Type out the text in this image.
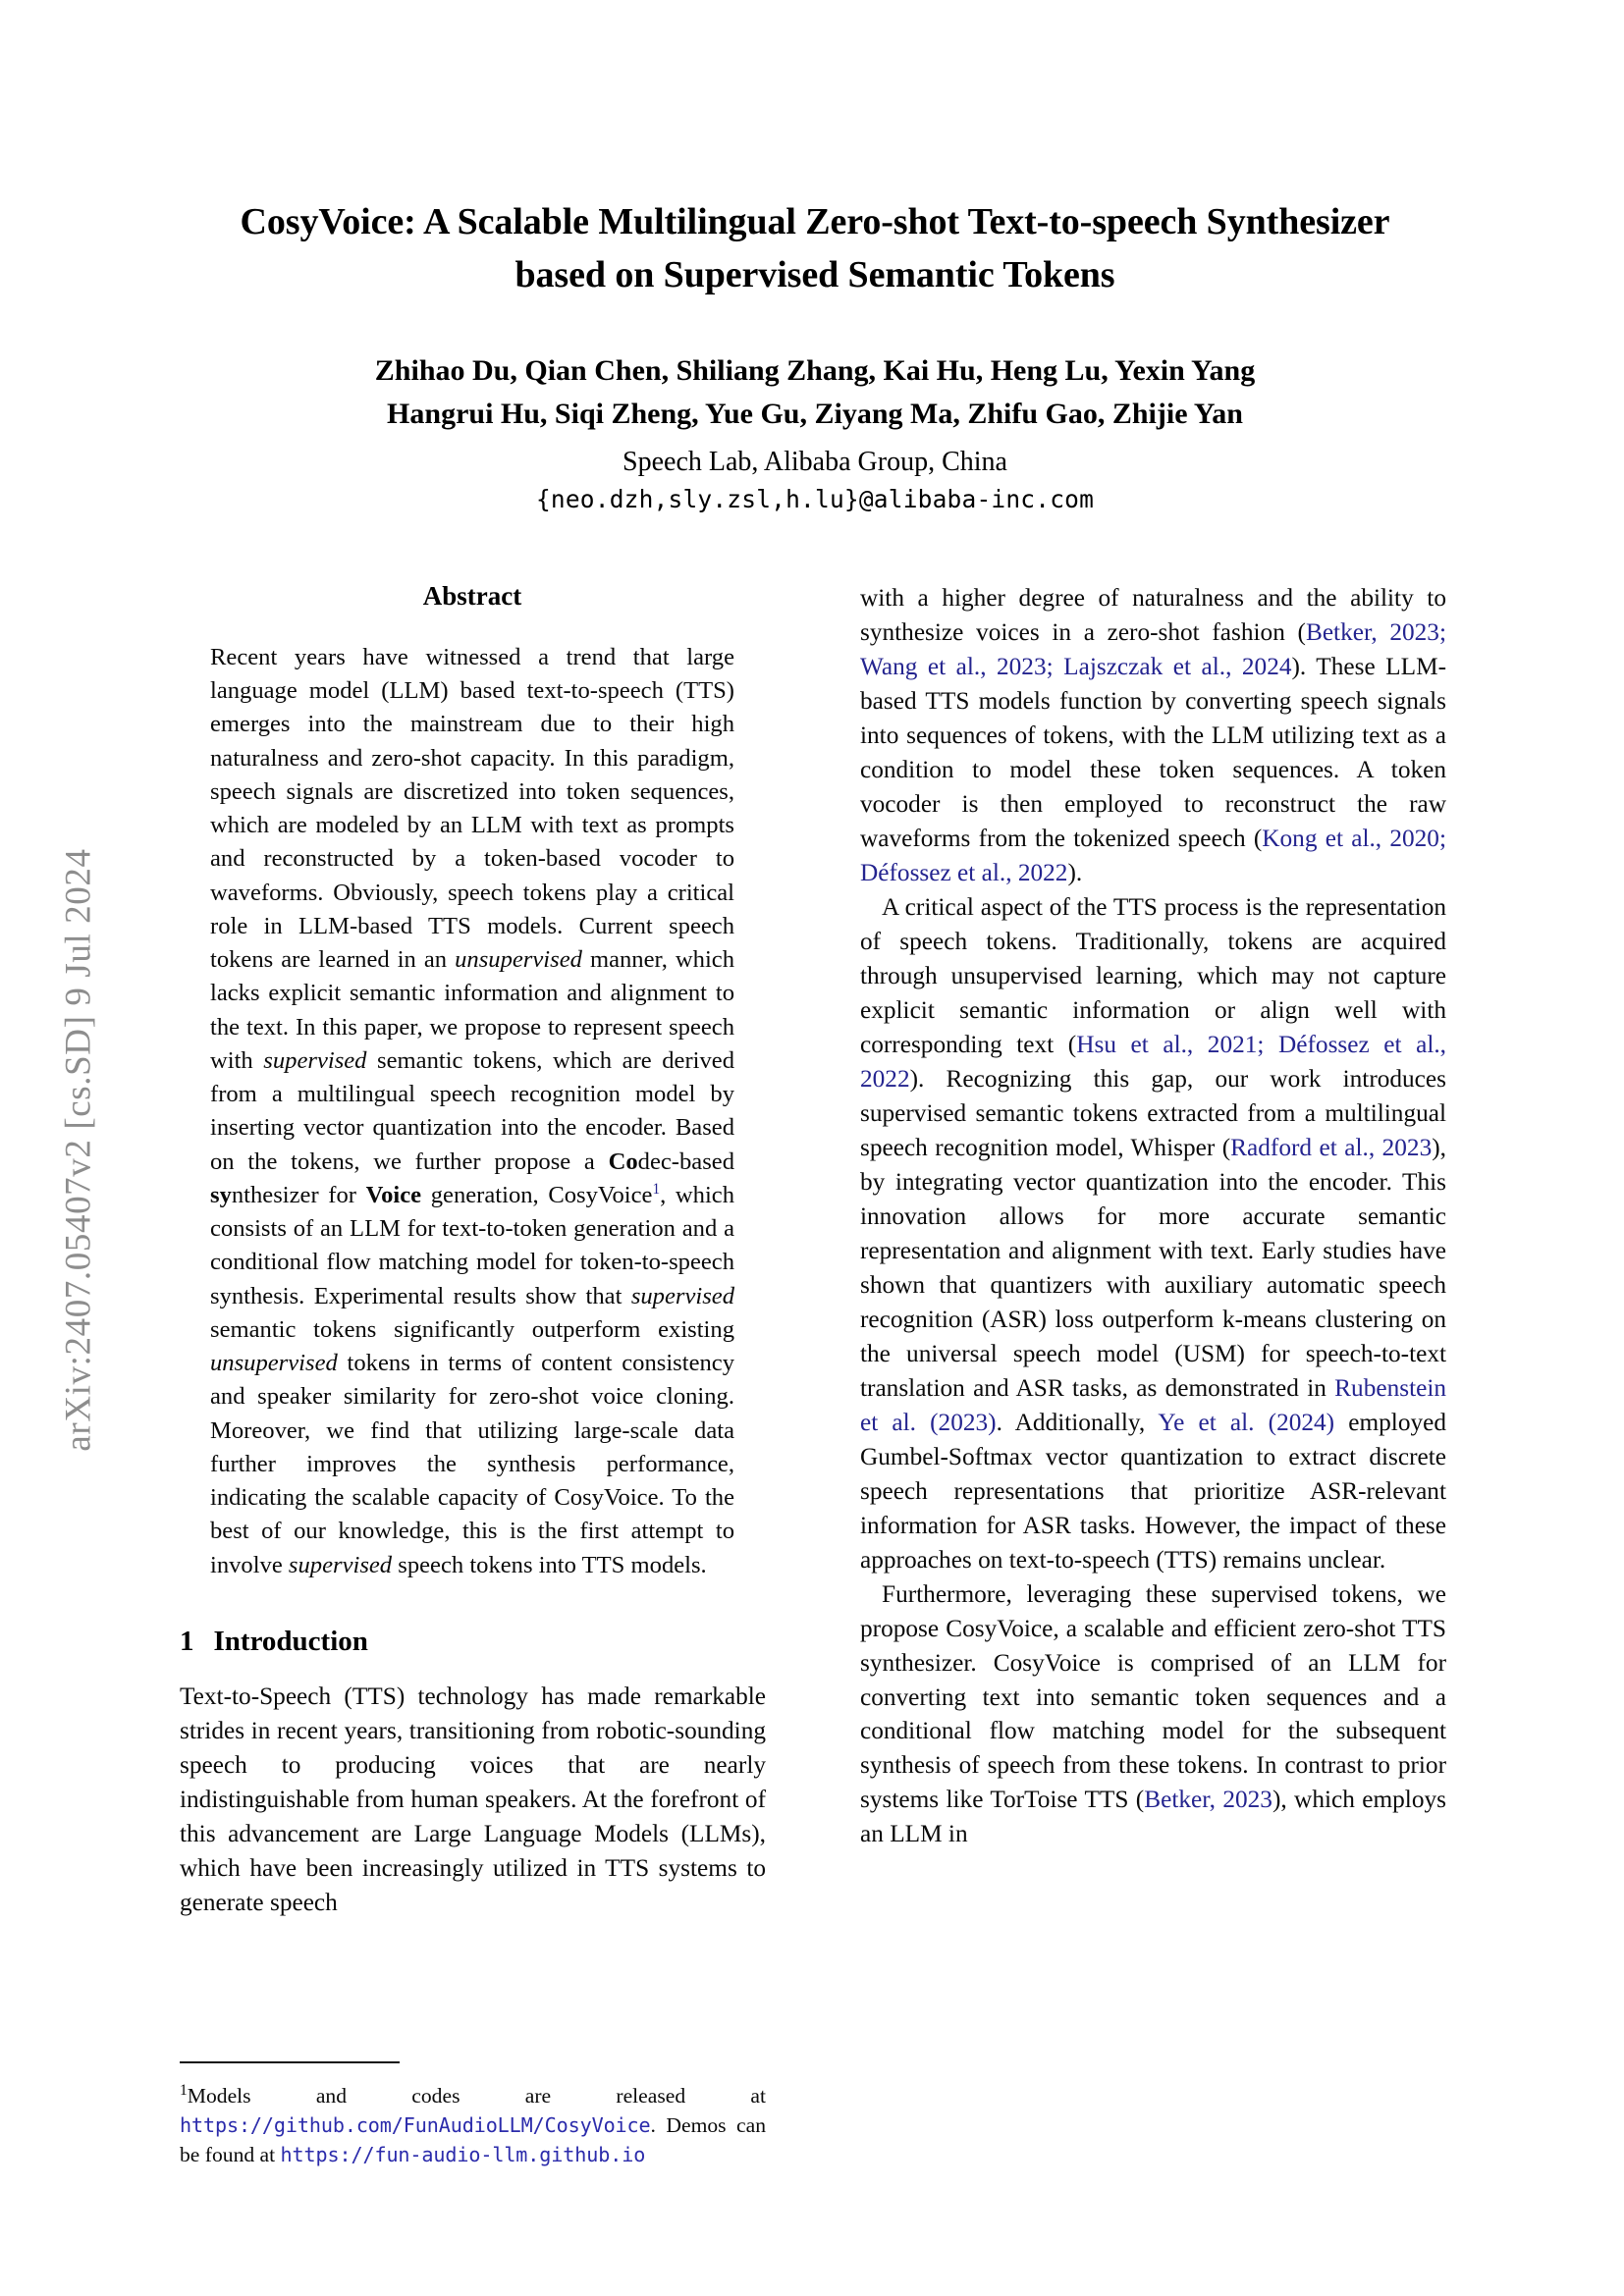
arXiv:2407.05407v2 [cs.SD] 9 Jul 2024
CosyVoice: A Scalable Multilingual Zero-shot Text-to-speech Synthesizer
based on Supervised Semantic Tokens
Zhihao Du, Qian Chen, Shiliang Zhang, Kai Hu, Heng Lu, Yexin Yang
Hangrui Hu, Siqi Zheng, Yue Gu, Ziyang Ma, Zhifu Gao, Zhijie Yan
Speech Lab, Alibaba Group, China
{neo.dzh,sly.zsl,h.lu}@alibaba-inc.com
Abstract

Recent years have witnessed a trend that large language model (LLM) based text-to-speech (TTS) emerges into the mainstream due to their high naturalness and zero-shot capacity. In this paradigm, speech signals are discretized into token sequences, which are modeled by an LLM with text as prompts and reconstructed by a token-based vocoder to waveforms. Obviously, speech tokens play a critical role in LLM-based TTS models. Current speech tokens are learned in an unsupervised manner, which lacks explicit semantic information and alignment to the text. In this paper, we propose to represent speech with supervised semantic tokens, which are derived from a multilingual speech recognition model by inserting vector quantization into the encoder. Based on the tokens, we further propose a Codec-based synthesizer for Voice generation, CosyVoice$^1$, which consists of an LLM for text-to-token generation and a conditional flow matching model for token-to-speech synthesis. Experimental results show that supervised semantic tokens significantly outperform existing unsupervised tokens in terms of content consistency and speaker similarity for zero-shot voice cloning. Moreover, we find that utilizing large-scale data further improves the synthesis performance, indicating the scalable capacity of CosyVoice. To the best of our knowledge, this is the first attempt to involve supervised speech tokens into TTS models.

1 Introduction

Text-to-Speech (TTS) technology has made remarkable strides in recent years, transitioning from robotic-sounding speech to producing voices that are nearly indistinguishable from human speakers. At the forefront of this advancement are Large Language Models (LLMs), which have been increasingly utilized in TTS systems to generate speech

with a higher degree of naturalness and the ability to synthesize voices in a zero-shot fashion (Betker, 2023; Wang et al., 2023; Lajszczak et al., 2024). These LLM-based TTS models function by converting speech signals into sequences of tokens, with the LLM utilizing text as a condition to model these token sequences. A token vocoder is then employed to reconstruct the raw waveforms from the tokenized speech (Kong et al., 2020; Défossez et al., 2022).

A critical aspect of the TTS process is the representation of speech tokens. Traditionally, tokens are acquired through unsupervised learning, which may not capture explicit semantic information or align well with corresponding text (Hsu et al., 2021; Défossez et al., 2022). Recognizing this gap, our work introduces supervised semantic tokens extracted from a multilingual speech recognition model, Whisper (Radford et al., 2023), by integrating vector quantization into the encoder. This innovation allows for more accurate semantic representation and alignment with text. Early studies have shown that quantizers with auxiliary automatic speech recognition (ASR) loss outperform k-means clustering on the universal speech model (USM) for speech-to-text translation and ASR tasks, as demonstrated in Rubenstein et al. (2023). Additionally, Ye et al. (2024) employed Gumbel-Softmax vector quantization to extract discrete speech representations that prioritize ASR-relevant information for ASR tasks. However, the impact of these approaches on text-to-speech (TTS) remains unclear.

Furthermore, leveraging these supervised tokens, we propose CosyVoice, a scalable and efficient zero-shot TTS synthesizer. CosyVoice is comprised of an LLM for converting text into semantic token sequences and a conditional flow matching model for the subsequent synthesis of speech from these tokens. In contrast to prior systems like TorToise TTS (Betker, 2023), which employs an LLM in

$^1$Models and codes are released at https://github.com/FunAudioLLM/CosyVoice. Demos can be found at https://fun-audio-llm.github.io
